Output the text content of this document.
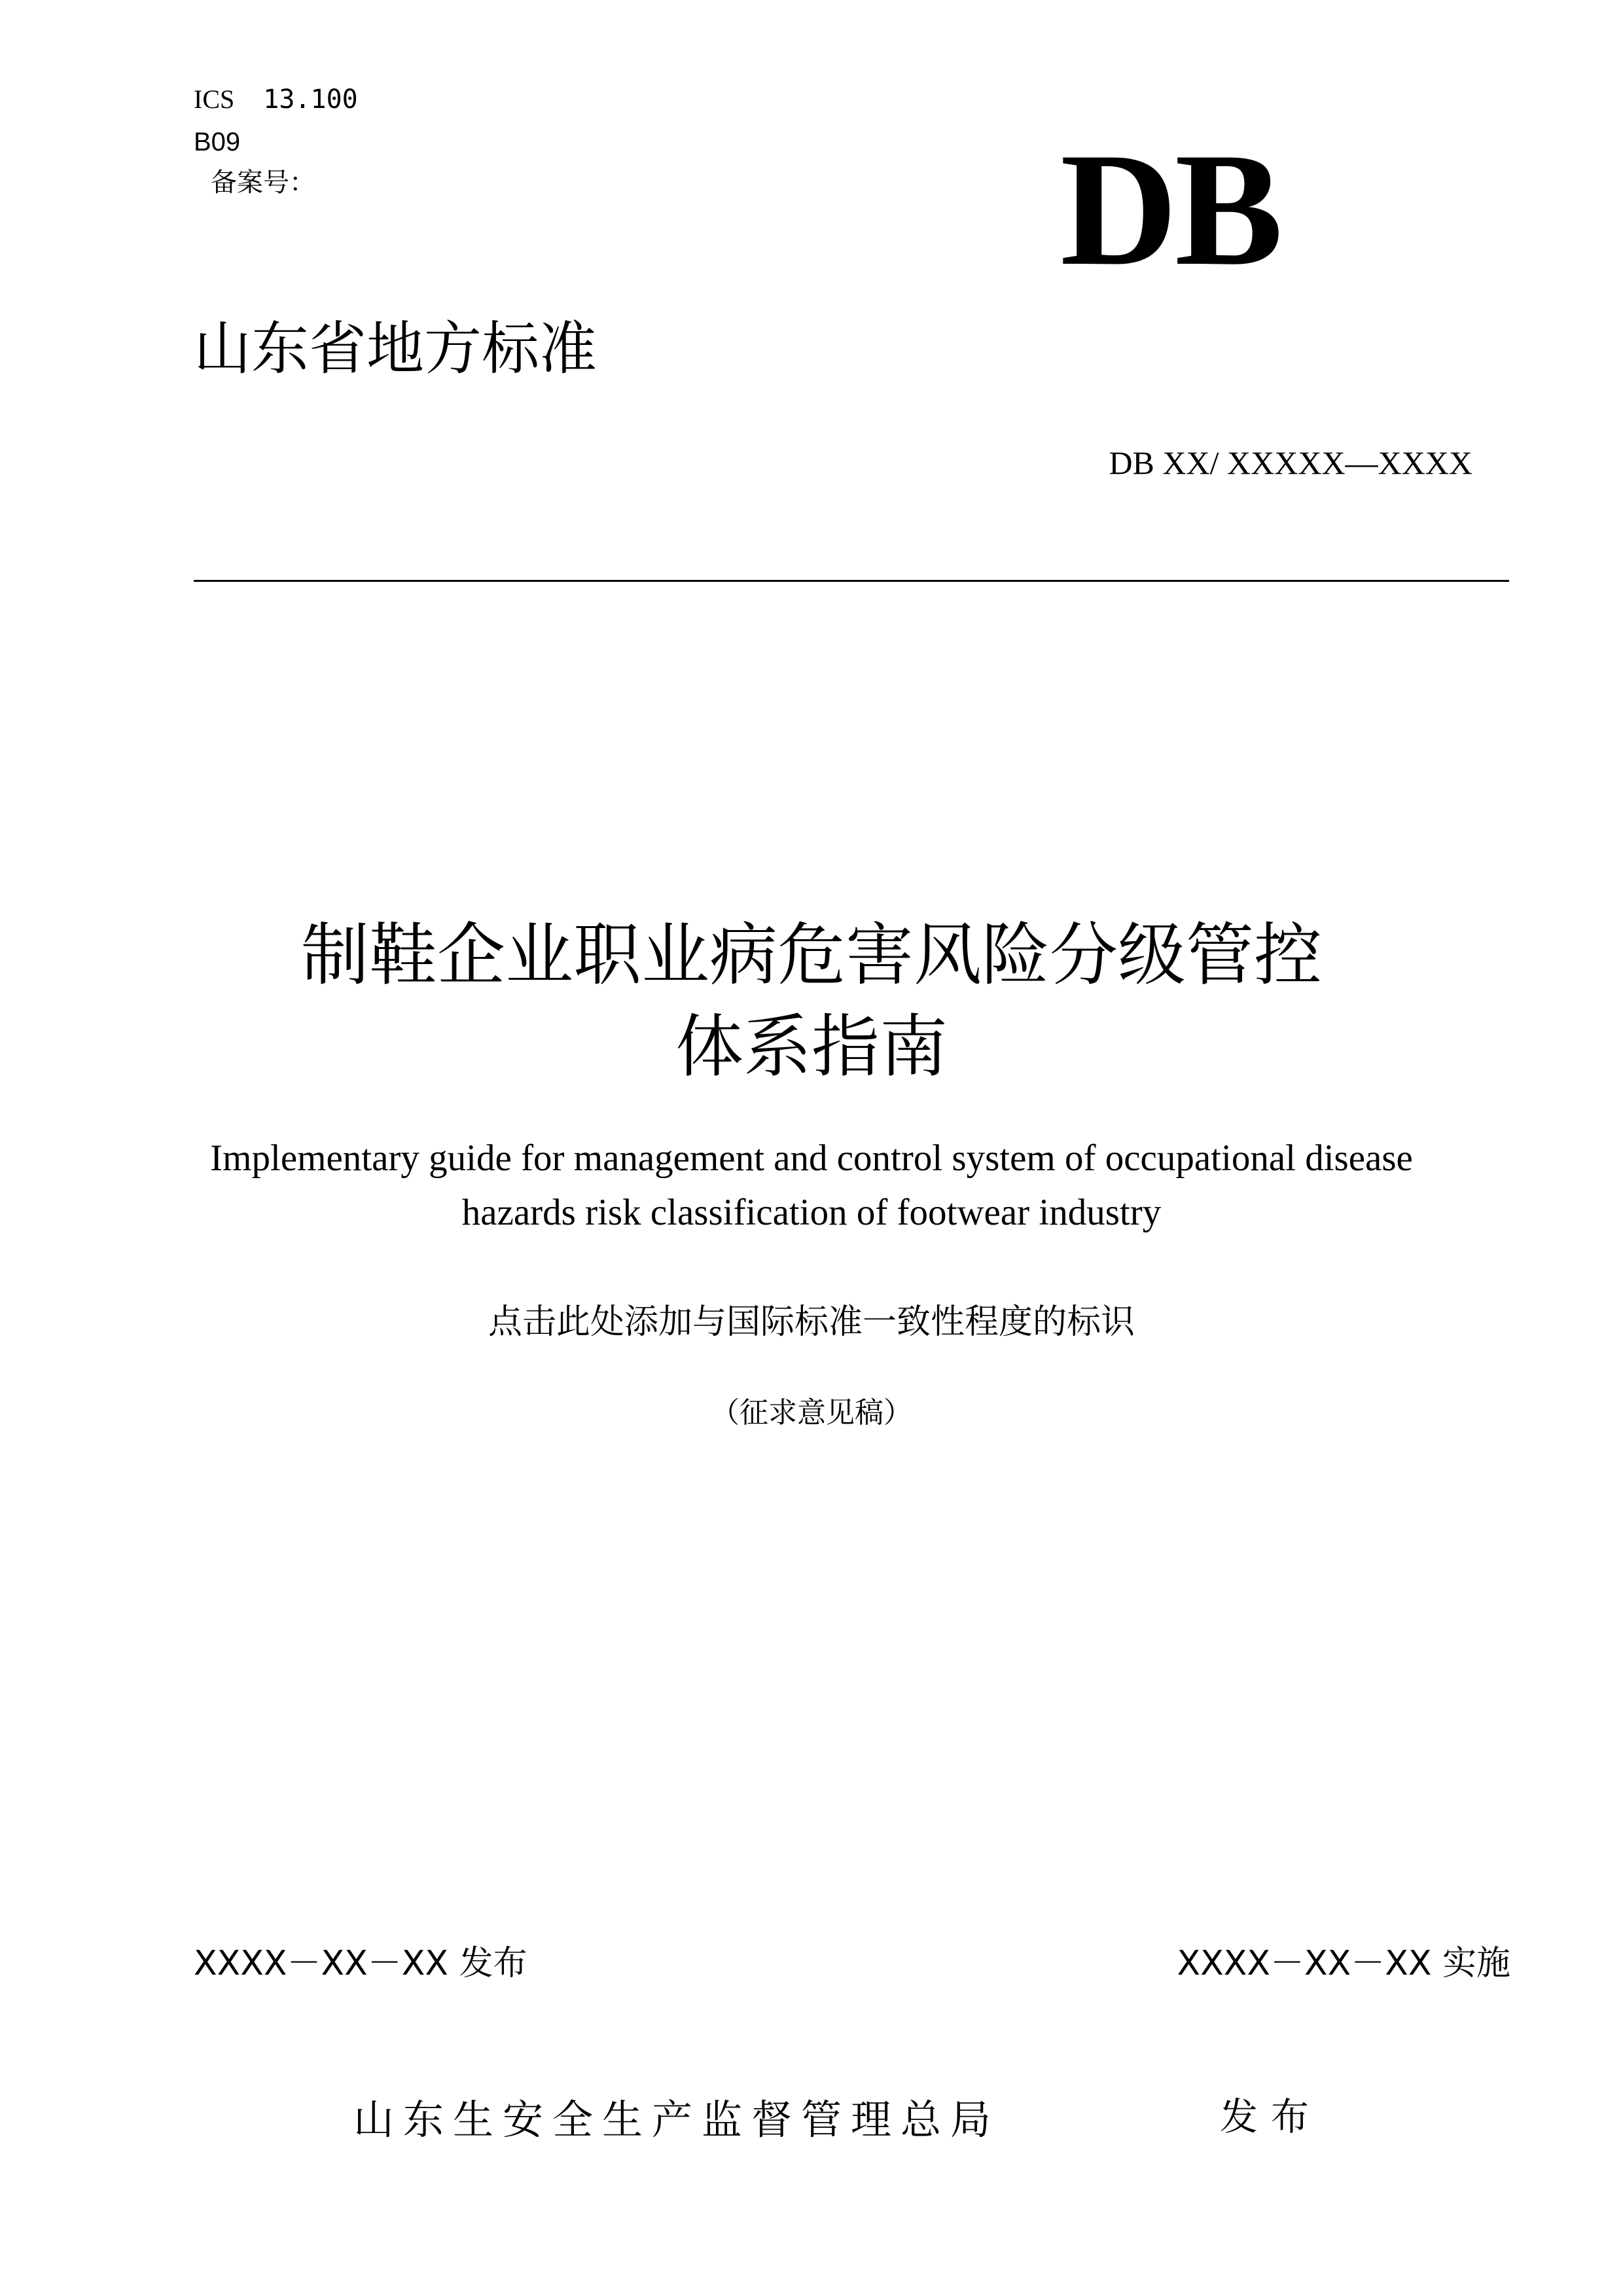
ICS 13.100
B09
备案号：	DB
山东省地方标准
DB XX/ XXXXX—XXXX
制鞋企业职业病危害风险分级管控
体系指南
Implementary guide for management and control system of occupational disease
hazards risk classification of footwear industry
点击此处添加与国际标准一致性程度的标识
（征求意见稿）
XXXX－XX－XX 发布	XXXX－XX－XX 实施
山东生安全生产监督管理总局	发布
